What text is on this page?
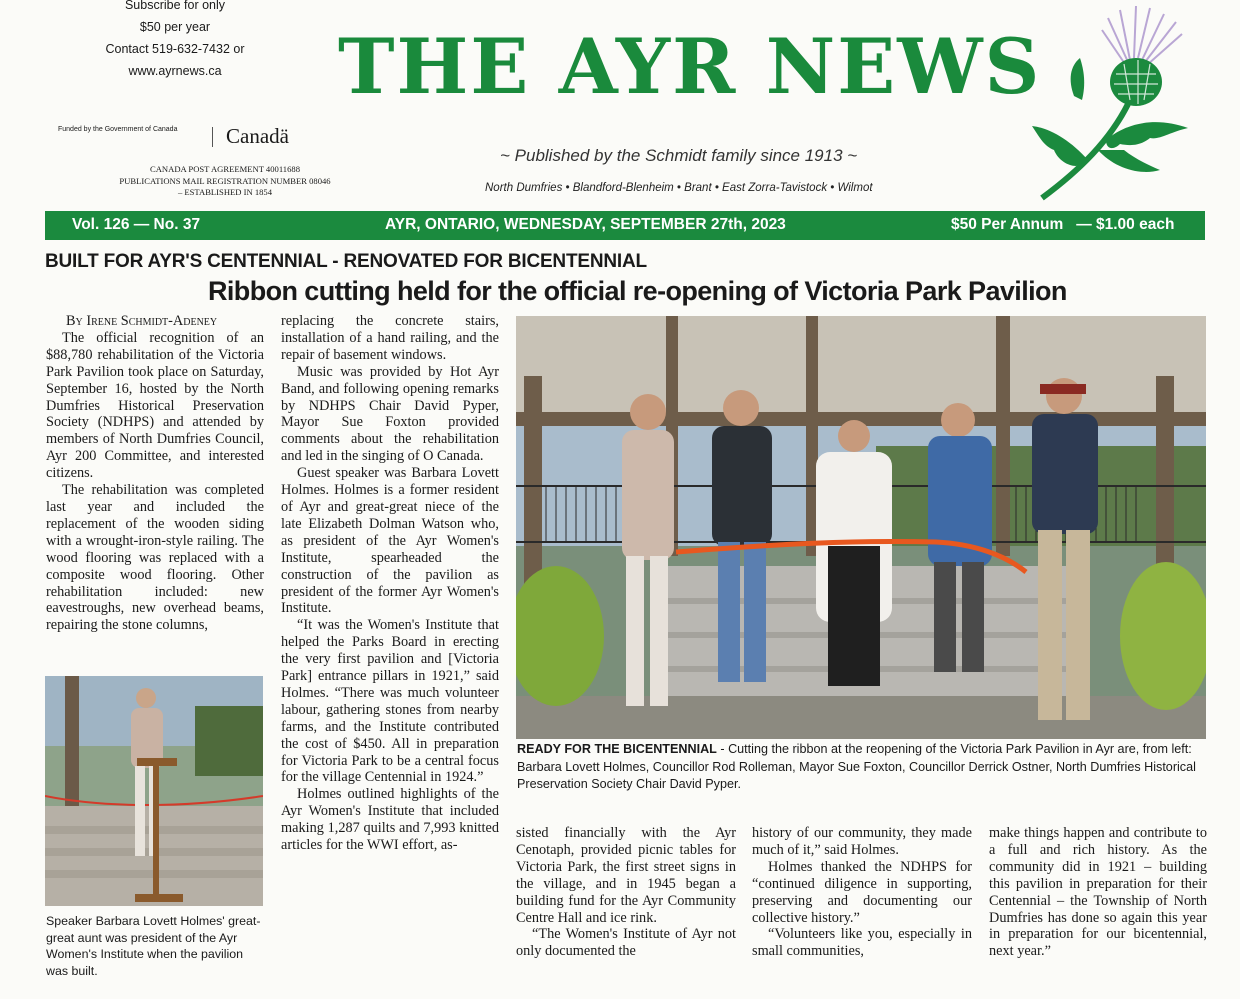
Subscribe for only
$50 per year
Contact 519-632-7432 or
www.ayrnews.ca
Funded by the Government of Canada Canadä
CANADA POST AGREEMENT 40011688
PUBLICATIONS MAIL REGISTRATION NUMBER 08046
– ESTABLISHED IN 1854
THE AYR NEWS
~ Published by the Schmidt family since 1913 ~
North Dumfries • Blandford-Blenheim • Brant • East Zorra-Tavistock • Wilmot
Vol. 126 — No. 37	AYR, ONTARIO, WEDNESDAY, SEPTEMBER 27th, 2023	$50 Per Annum   — $1.00 each
BUILT FOR AYR'S CENTENNIAL - RENOVATED FOR BICENTENNIAL
Ribbon cutting held for the official re-opening of Victoria Park Pavilion

By Irene Schmidt-Adeney

The official recognition of an $88,780 rehabilitation of the Victoria Park Pavilion took place on Saturday, September 16, hosted by the North Dumfries Historical Preservation Society (NDHPS) and attended by members of North Dumfries Council, Ayr 200 Committee, and interested citizens.

The rehabilitation was completed last year and included the replacement of the wooden siding with a wrought-iron-style railing. The wood flooring was replaced with a composite wood flooring. Other rehabilitation included: new eavestroughs, new overhead beams, repairing the stone columns,

Speaker Barbara Lovett Holmes' great-great aunt was president of the Ayr Women's Institute when the pavilion was built.

replacing the concrete stairs, installation of a hand railing, and the repair of basement windows.

Music was provided by Hot Ayr Band, and following opening remarks by NDHPS Chair David Pyper, Mayor Sue Foxton provided comments about the rehabilitation and led in the singing of O Canada.

Guest speaker was Barbara Lovett Holmes. Holmes is a former resident of Ayr and great-great niece of the late Elizabeth Dolman Watson who, as president of the Ayr Women's Institute, spearheaded the construction of the pavilion as president of the former Ayr Women's Institute.

“It was the Women's Institute that helped the Parks Board in erecting the very first pavilion and [Victoria Park] entrance pillars in 1921,” said Holmes. “There was much volunteer labour, gathering stones from nearby farms, and the Institute contributed the cost of $450. All in preparation for Victoria Park to be a central focus for the village Centennial in 1924.”

Holmes outlined highlights of the Ayr Women's Institute that included making 1,287 quilts and 7,993 knitted articles for the WWI effort, as-

READY FOR THE BICENTENNIAL - Cutting the ribbon at the reopening of the Victoria Park Pavilion in Ayr are, from left: Barbara Lovett Holmes, Councillor Rod Rolleman, Mayor Sue Foxton, Councillor Derrick Ostner, North Dumfries Historical Preservation Society Chair David Pyper.

sisted financially with the Ayr Cenotaph, provided picnic tables for Victoria Park, the first street signs in the village, and in 1945 began a building fund for the Ayr Community Centre Hall and ice rink.

“The Women's Institute of Ayr not only documented the

history of our community, they made much of it,” said Holmes.

Holmes thanked the NDHPS for “continued diligence in supporting, preserving and documenting our collective history.”

“Volunteers like you, especially in small communities,

make things happen and contribute to a full and rich history. As the community did in 1921 – building this pavilion in preparation for their Centennial – the Township of North Dumfries has done so again this year in preparation for our bicentennial, next year.”
